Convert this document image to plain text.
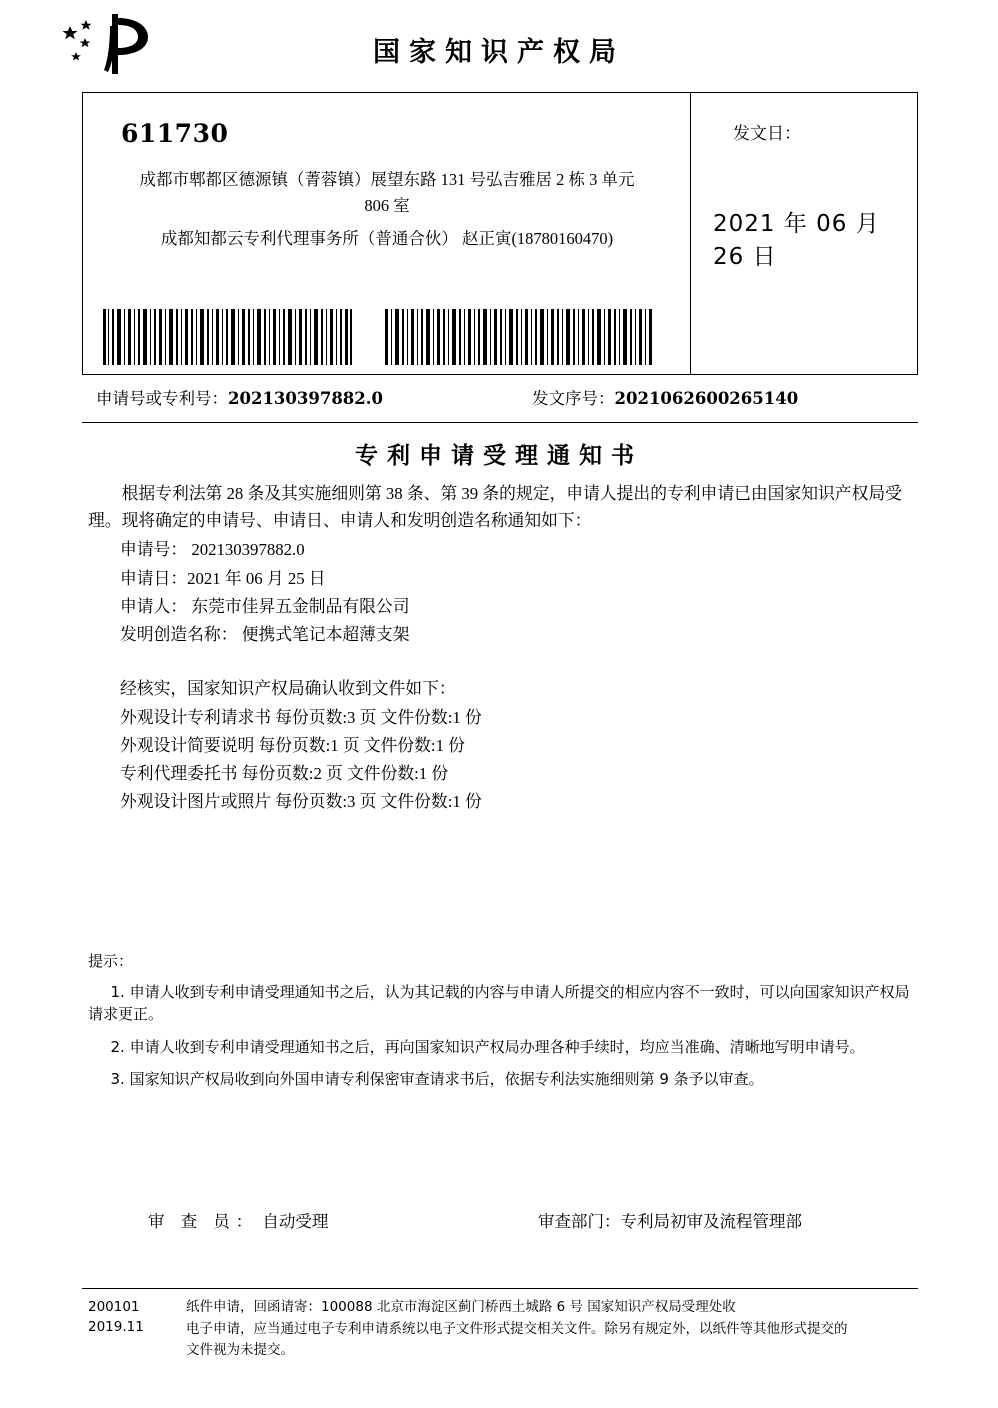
国家知识产权局
611730
成都市郫都区德源镇（菁蓉镇）展望东路 131 号弘吉雅居 2 栋 3 单元
806 室
成都知都云专利代理事务所（普通合伙） 赵正寅(18780160470)
发文日：
2021 年 06 月 26 日
申请号或专利号：202130397882.0	发文序号：2021062600265140
专利申请受理通知书
根据专利法第 28 条及其实施细则第 38 条、第 39 条的规定，申请人提出的专利申请已由国家知识产权局受理。现将确定的申请号、申请日、申请人和发明创造名称通知如下：
申请号： 202130397882.0
申请日：2021 年 06 月 25 日
申请人： 东莞市佳昇五金制品有限公司
发明创造名称： 便携式笔记本超薄支架
经核实，国家知识产权局确认收到文件如下：
外观设计专利请求书 每份页数:3 页 文件份数:1 份
外观设计简要说明 每份页数:1 页 文件份数:1 份
专利代理委托书 每份页数:2 页 文件份数:1 份
外观设计图片或照片 每份页数:3 页 文件份数:1 份
提示：
1. 申请人收到专利申请受理通知书之后，认为其记载的内容与申请人所提交的相应内容不一致时，可以向国家知识产权局请求更正。
2. 申请人收到专利申请受理通知书之后，再向国家知识产权局办理各种手续时，均应当准确、清晰地写明申请号。
3. 国家知识产权局收到向外国申请专利保密审查请求书后，依据专利法实施细则第 9 条予以审查。
审 查 员： 自动受理	审查部门：专利局初审及流程管理部
200101
2019.11
纸件申请，回函请寄：100088 北京市海淀区蓟门桥西土城路 6 号 国家知识产权局受理处收
电子申请，应当通过电子专利申请系统以电子文件形式提交相关文件。除另有规定外，以纸件等其他形式提交的
文件视为未提交。
